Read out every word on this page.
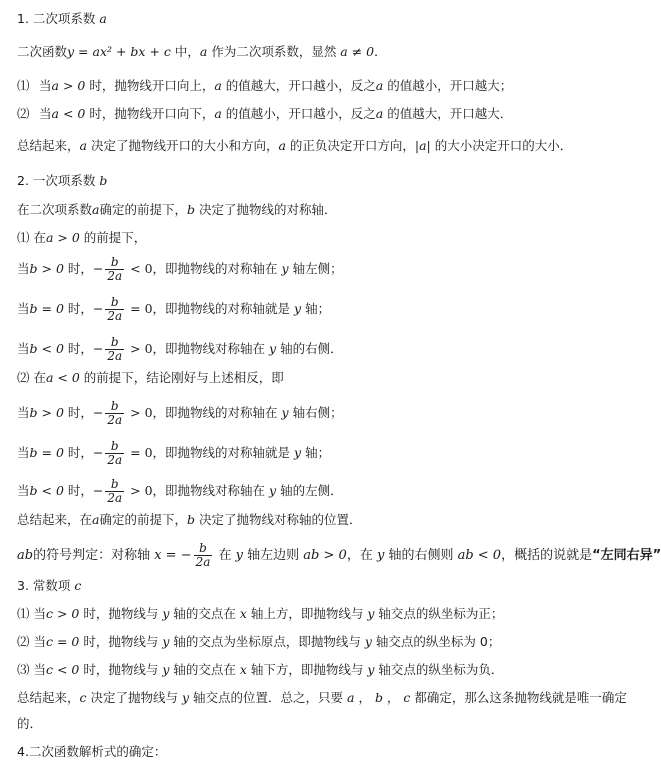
1. 二次项系数 a
二次函数y = ax² + bx + c 中，a 作为二次项系数，显然 a ≠ 0．
⑴ 当a > 0 时，抛物线开口向上，a 的值越大，开口越小，反之a 的值越小，开口越大；
⑵ 当a < 0 时，抛物线开口向下，a 的值越小，开口越小，反之a 的值越大，开口越大．
总结起来，a 决定了抛物线开口的大小和方向，a 的正负决定开口方向，|a| 的大小决定开口的大小．
2. 一次项系数 b
在二次项系数a确定的前提下，b 决定了抛物线的对称轴．
⑴ 在a > 0 的前提下，
当b > 0 时，− $\frac{b}{2a} < 0$，即抛物线的对称轴在 y 轴左侧；
当b = 0 时，− $\frac{b}{2a} = 0$，即抛物线的对称轴就是 y 轴；
当b < 0 时，− $\frac{b}{2a} > 0$，即抛物线对称轴在 y 轴的右侧．
⑵ 在a < 0 的前提下，结论刚好与上述相反，即
当b > 0 时，− $\frac{b}{2a} > 0$，即抛物线的对称轴在 y 轴右侧；
当b = 0 时，− $\frac{b}{2a} = 0$，即抛物线的对称轴就是 y 轴；
当b < 0 时，− $\frac{b}{2a} > 0$，即抛物线对称轴在 y 轴的左侧．
总结起来，在a确定的前提下，b 决定了抛物线对称轴的位置．
ab的符号判定：对称轴 x = − $\frac{b}{2a}$ 在 y 轴左边则 ab > 0，在 y 轴的右侧则 ab < 0，概括的说就是“左同右异”
3. 常数项 c
⑴ 当c > 0 时，抛物线与 y 轴的交点在 x 轴上方，即抛物线与 y 轴交点的纵坐标为正；
⑵ 当c = 0 时，抛物线与 y 轴的交点为坐标原点，即抛物线与 y 轴交点的纵坐标为 0；
⑶ 当c < 0 时，抛物线与 y 轴的交点在 x 轴下方，即抛物线与 y 轴交点的纵坐标为负．
总结起来，c 决定了抛物线与 y 轴交点的位置．总之，只要 a ， b ， c 都确定，那么这条抛物线就是唯一确定
的．
4.二次函数解析式的确定：
